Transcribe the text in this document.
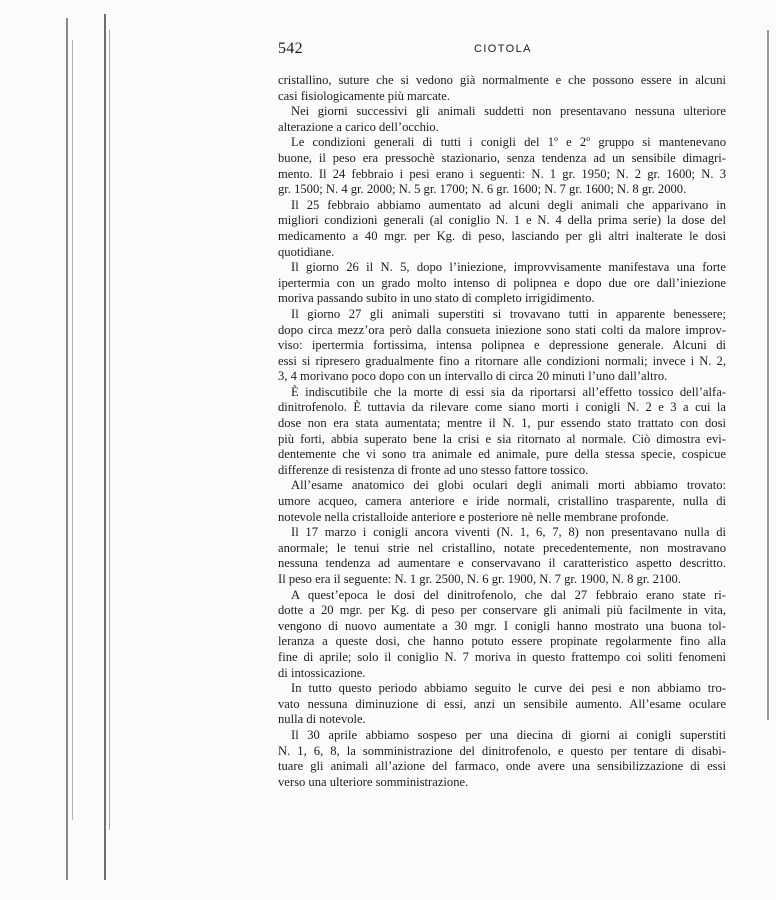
542	CIOTOLA
cristallino, suture che si vedono già normalmente e che possono essere in alcuni
casi fisiologicamente più marcate.
Nei giorni successivi gli animali suddetti non presentavano nessuna ulteriore
alterazione a carico dell’occhio.
Le condizioni generali di tutti i conigli del 1º e 2º gruppo si mantenevano
buone, il peso era pressochè stazionario, senza tendenza ad un sensibile dimagri-
mento. Il 24 febbraio i pesi erano i seguenti: N. 1 gr. 1950; N. 2 gr. 1600; N. 3
gr. 1500; N. 4 gr. 2000; N. 5 gr. 1700; N. 6 gr. 1600; N. 7 gr. 1600; N. 8 gr. 2000.
Il 25 febbraio abbiamo aumentato ad alcuni degli animali che apparivano in
migliori condizioni generali (al coniglio N. 1 e N. 4 della prima serie) la dose del
medicamento a 40 mgr. per Kg. di peso, lasciando per gli altri inalterate le dosi
quotidiane.
Il giorno 26 il N. 5, dopo l’iniezione, improvvisamente manifestava una forte
ipertermia con un grado molto intenso di polipnea e dopo due ore dall’iniezione
moriva passando subito in uno stato di completo irrigidimento.
Il giorno 27 gli animali superstiti si trovavano tutti in apparente benessere;
dopo circa mezz’ora però dalla consueta iniezione sono stati colti da malore improv-
viso: ipertermia fortissima, intensa polipnea e depressione generale. Alcuni di
essi si ripresero gradualmente fino a ritornare alle condizioni normali; invece i N. 2,
3, 4 morivano poco dopo con un intervallo di circa 20 minuti l’uno dall’altro.
È indiscutibile che la morte di essi sia da riportarsi all’effetto tossico dell’alfa-
dinitrofenolo. È tuttavia da rilevare come siano morti i conigli N. 2 e 3 a cui la
dose non era stata aumentata; mentre il N. 1, pur essendo stato trattato con dosi
più forti, abbia superato bene la crisi e sia ritornato al normale. Ciò dimostra evi-
dentemente che vi sono tra animale ed animale, pure della stessa specie, cospicue
differenze di resistenza di fronte ad uno stesso fattore tossico.
All’esame anatomico dei globi oculari degli animali morti abbiamo trovato:
umore acqueo, camera anteriore e iride normali, cristallino trasparente, nulla di
notevole nella cristalloide anteriore e posteriore nè nelle membrane profonde.
Il 17 marzo i conigli ancora viventi (N. 1, 6, 7, 8) non presentavano nulla di
anormale; le tenui strie nel cristallino, notate precedentemente, non mostravano
nessuna tendenza ad aumentare e conservavano il caratteristico aspetto descritto.
Il peso era il seguente: N. 1 gr. 2500, N. 6 gr. 1900, N. 7 gr. 1900, N. 8 gr. 2100.
A quest’epoca le dosi del dinitrofenolo, che dal 27 febbraio erano state ri-
dotte a 20 mgr. per Kg. di peso per conservare gli animali più facilmente in vita,
vengono di nuovo aumentate a 30 mgr. I conigli hanno mostrato una buona tol-
leranza a queste dosi, che hanno potuto essere propinate regolarmente fino alla
fine di aprile; solo il coniglio N. 7 moriva in questo frattempo coi soliti fenomeni
di intossicazione.
In tutto questo periodo abbiamo seguito le curve dei pesi e non abbiamo tro-
vato nessuna diminuzione di essi, anzi un sensibile aumento. All’esame oculare
nulla di notevole.
Il 30 aprile abbiamo sospeso per una diecina di giorni ai conigli superstiti
N. 1, 6, 8, la somministrazione del dinitrofenolo, e questo per tentare di disabi-
tuare gli animali all’azione del farmaco, onde avere una sensibilizzazione di essi
verso una ulteriore somministrazione.
